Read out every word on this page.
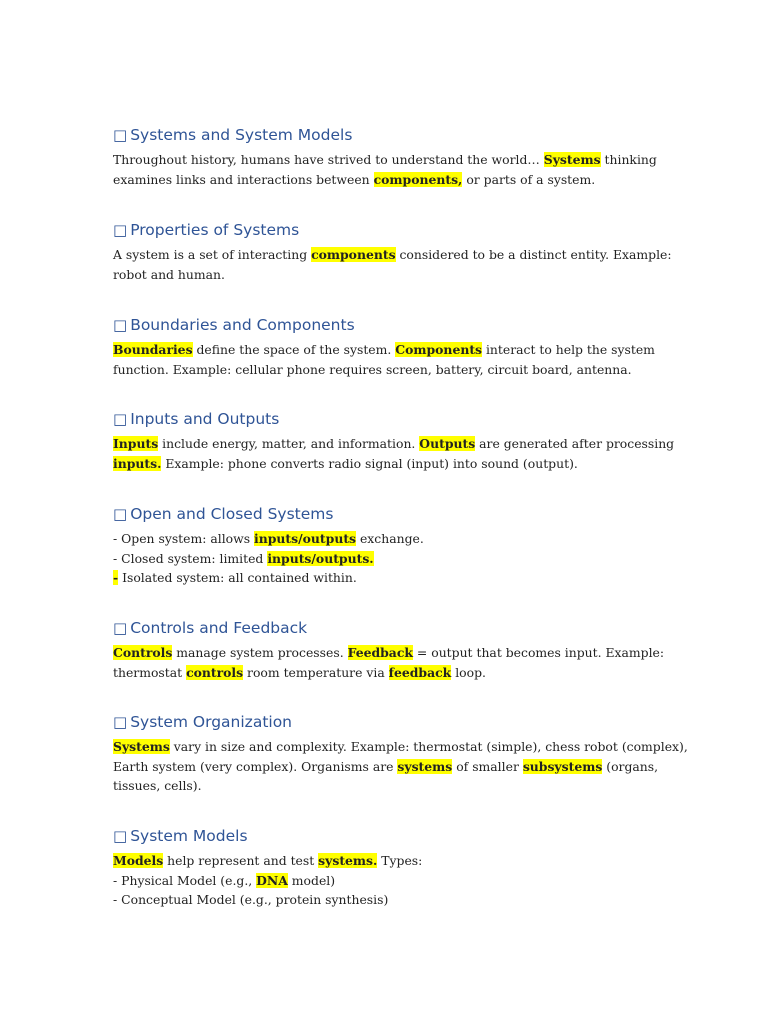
□ Systems and System Models

Throughout history, humans have strived to understand the world… Systems thinking

examines links and interactions between components, or parts of a system.

□ Properties of Systems

A system is a set of interacting components considered to be a distinct entity. Example:

robot and human.

□ Boundaries and Components

Boundaries define the space of the system. Components interact to help the system

function. Example: cellular phone requires screen, battery, circuit board, antenna.

□ Inputs and Outputs

Inputs include energy, matter, and information. Outputs are generated after processing

inputs. Example: phone converts radio signal (input) into sound (output).

□ Open and Closed Systems

- Open system: allows inputs/outputs exchange.

- Closed system: limited inputs/outputs.

- Isolated system: all contained within.

□ Controls and Feedback

Controls manage system processes. Feedback = output that becomes input. Example:

thermostat controls room temperature via feedback loop.

□ System Organization

Systems vary in size and complexity. Example: thermostat (simple), chess robot (complex),

Earth system (very complex). Organisms are systems of smaller subsystems (organs,

tissues, cells).

□ System Models

Models help represent and test systems. Types:

- Physical Model (e.g., DNA model)

- Conceptual Model (e.g., protein synthesis)
